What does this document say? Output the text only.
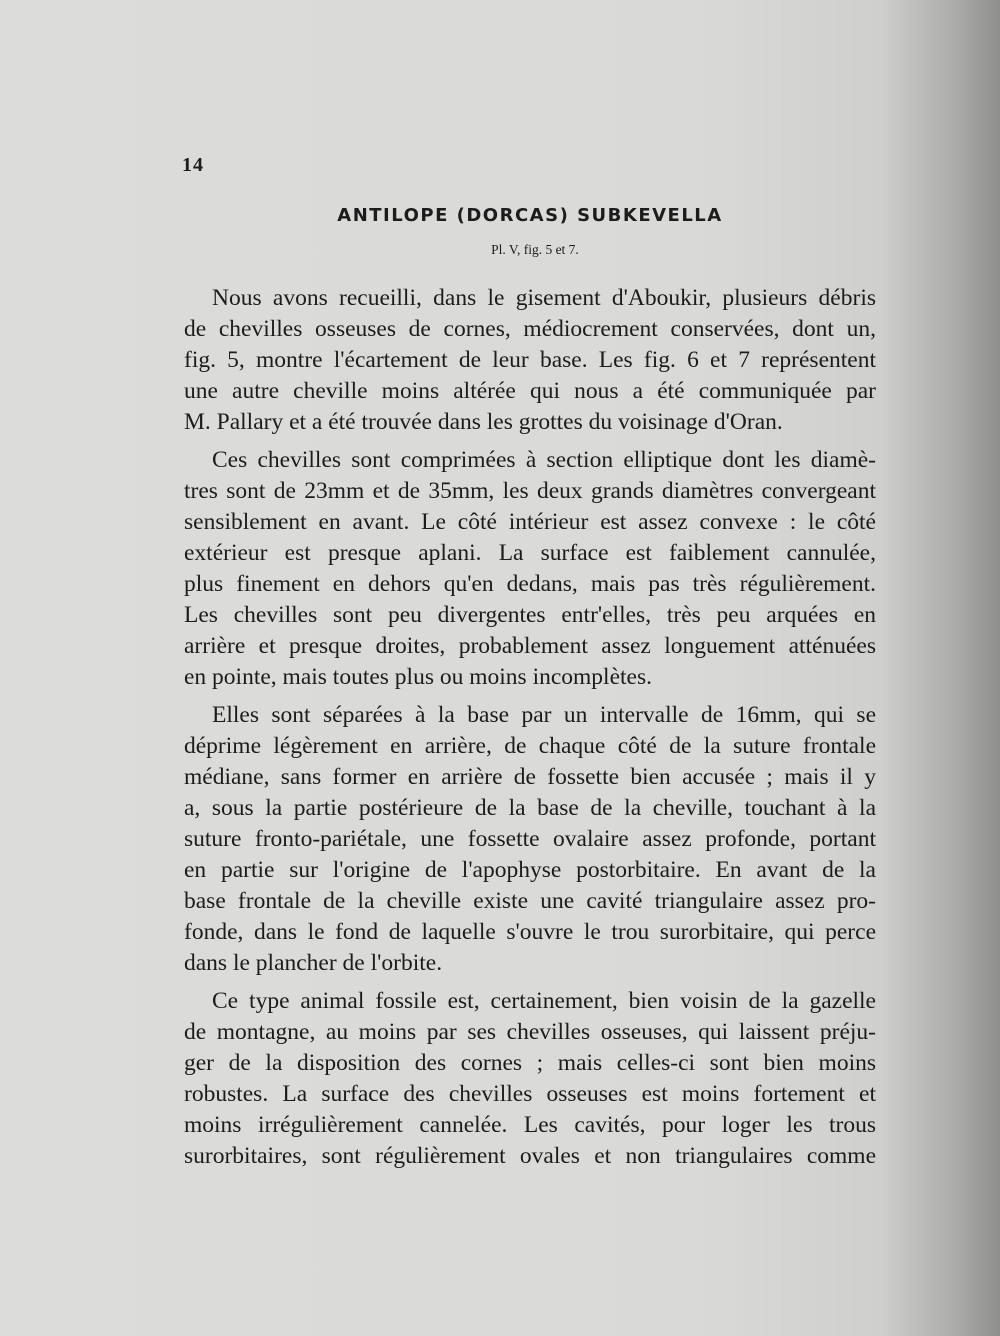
14
ANTILOPE (DORCAS) SUBKEVELLA
Pl. V, fig. 5 et 7.
Nous avons recueilli, dans le gisement d'Aboukir, plusieurs débris
de chevilles osseuses de cornes, médiocrement conservées, dont un,
fig. 5, montre l'écartement de leur base. Les fig. 6 et 7 représentent
une autre cheville moins altérée qui nous a été communiquée par
M. Pallary et a été trouvée dans les grottes du voisinage d'Oran.
Ces chevilles sont comprimées à section elliptique dont les diamè-
tres sont de 23mm et de 35mm, les deux grands diamètres convergeant
sensiblement en avant. Le côté intérieur est assez convexe : le côté
extérieur est presque aplani. La surface est faiblement cannulée,
plus finement en dehors qu'en dedans, mais pas très régulièrement.
Les chevilles sont peu divergentes entr'elles, très peu arquées en
arrière et presque droites, probablement assez longuement atténuées
en pointe, mais toutes plus ou moins incomplètes.
Elles sont séparées à la base par un intervalle de 16mm, qui se
déprime légèrement en arrière, de chaque côté de la suture frontale
médiane, sans former en arrière de fossette bien accusée ; mais il y
a, sous la partie postérieure de la base de la cheville, touchant à la
suture fronto-pariétale, une fossette ovalaire assez profonde, portant
en partie sur l'origine de l'apophyse postorbitaire. En avant de la
base frontale de la cheville existe une cavité triangulaire assez pro-
fonde, dans le fond de laquelle s'ouvre le trou surorbitaire, qui perce
dans le plancher de l'orbite.
Ce type animal fossile est, certainement, bien voisin de la gazelle
de montagne, au moins par ses chevilles osseuses, qui laissent préju-
ger de la disposition des cornes ; mais celles-ci sont bien moins
robustes. La surface des chevilles osseuses est moins fortement et
moins irrégulièrement cannelée. Les cavités, pour loger les trous
surorbitaires, sont régulièrement ovales et non triangulaires comme
